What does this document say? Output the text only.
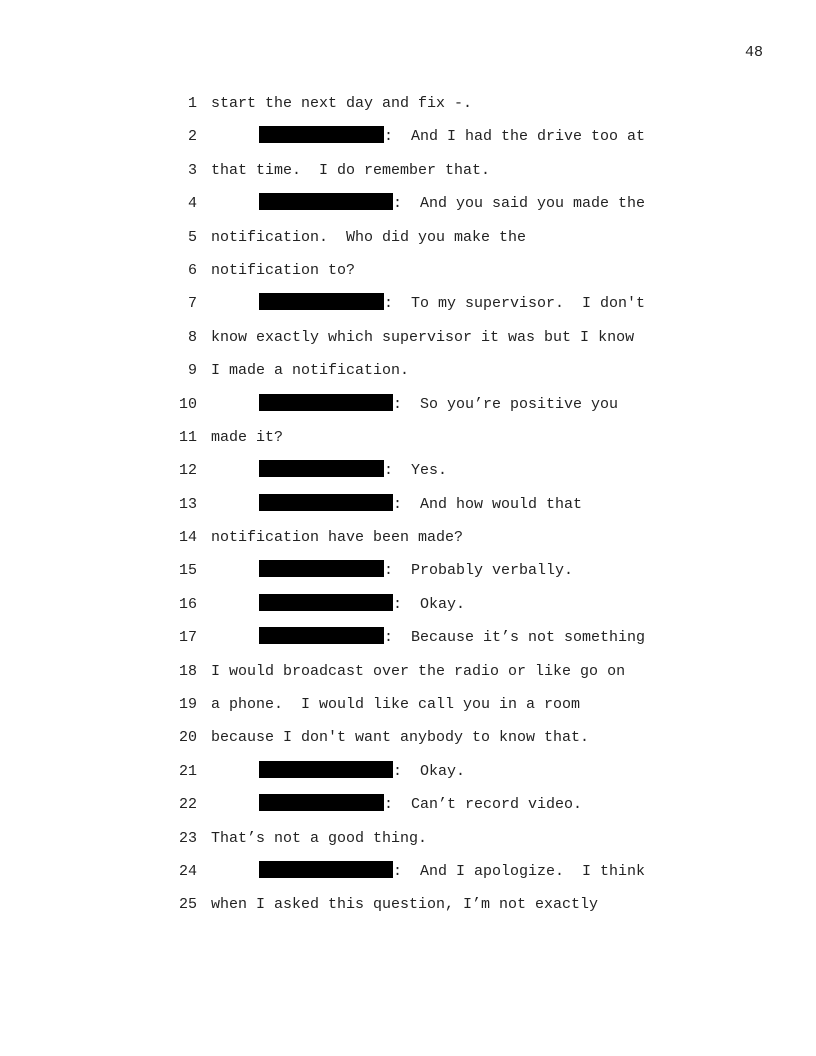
48
1 start the next day and fix -.
2	:  And I had the drive too at
3 that time.  I do remember that.
4	:  And you said you made the
5 notification.  Who did you make the
6 notification to?
7	:  To my supervisor.  I don't
8 know exactly which supervisor it was but I know
9 I made a notification.
10	:  So you’re positive you
11 made it?
12	:  Yes.
13	:  And how would that
14 notification have been made?
15	:  Probably verbally.
16	:  Okay.
17	:  Because it’s not something
18 I would broadcast over the radio or like go on
19 a phone.  I would like call you in a room
20 because I don't want anybody to know that.
21	:  Okay.
22	:  Can’t record video.
23 That’s not a good thing.
24	:  And I apologize.  I think
25 when I asked this question, I’m not exactly
